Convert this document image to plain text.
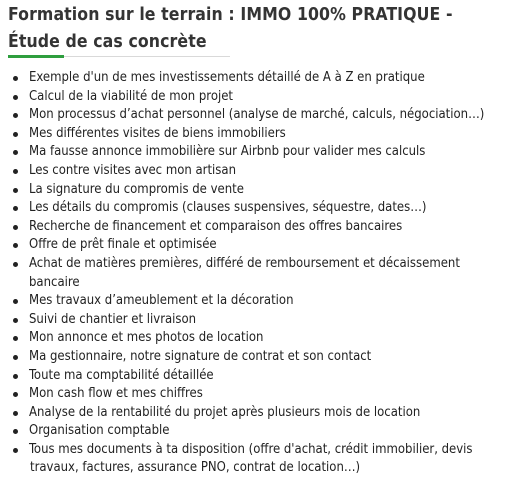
Formation sur le terrain : IMMO 100% PRATIQUE - Étude de cas concrète
Exemple d'un de mes investissements détaillé de A à Z en pratique
Calcul de la viabilité de mon projet
Mon processus d’achat personnel (analyse de marché, calculs, négociation…)
Mes différentes visites de biens immobiliers
Ma fausse annonce immobilière sur Airbnb pour valider mes calculs
Les contre visites avec mon artisan
La signature du compromis de vente
Les détails du compromis (clauses suspensives, séquestre, dates…)
Recherche de financement et comparaison des offres bancaires
Offre de prêt finale et optimisée
Achat de matières premières, différé de remboursement et décaissement
bancaire
Mes travaux d’ameublement et la décoration
Suivi de chantier et livraison
Mon annonce et mes photos de location
Ma gestionnaire, notre signature de contrat et son contact
Toute ma comptabilité détaillée
Mon cash flow et mes chiffres
Analyse de la rentabilité du projet après plusieurs mois de location
Organisation comptable
Tous mes documents à ta disposition (offre d'achat, crédit immobilier, devis
travaux, factures, assurance PNO, contrat de location…)
